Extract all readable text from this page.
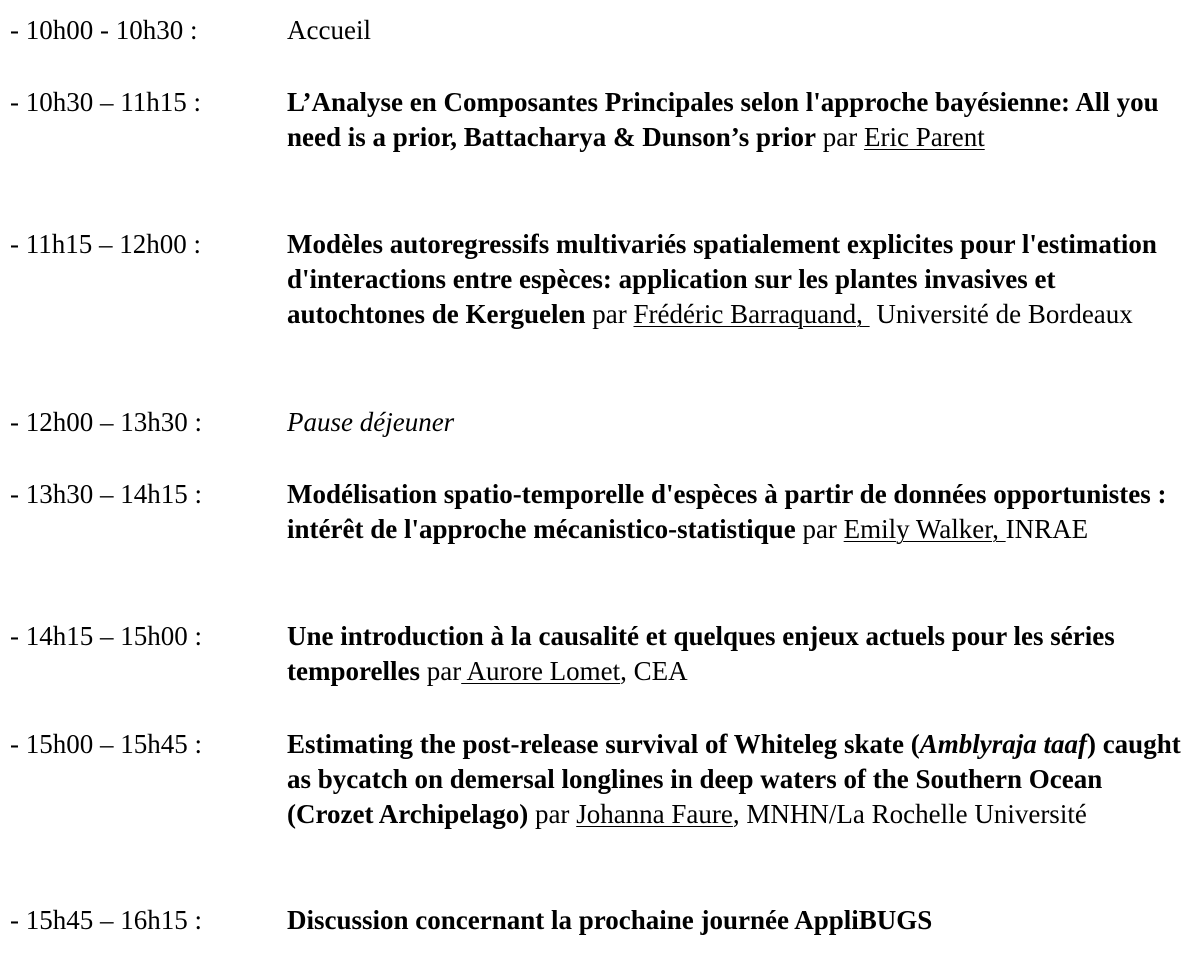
- 10h00 - 10h30 :	Accueil
- 10h30 – 11h15 :	L’Analyse en Composantes Principales selon l'approche bayésienne: All you need is a prior, Battacharya & Dunson’s prior par Eric Parent
- 11h15 – 12h00 :	Modèles autoregressifs multivariés spatialement explicites pour l'estimation d'interactions entre espèces: application sur les plantes invasives et autochtones de Kerguelen par Frédéric Barraquand,  Université de Bordeaux
- 12h00 – 13h30 :	Pause déjeuner
- 13h30 – 14h15 :	Modélisation spatio-temporelle d'espèces à partir de données opportunistes : intérêt de l'approche mécanistico-statistique par Emily Walker, INRAE
- 14h15 – 15h00 :	Une introduction à la causalité et quelques enjeux actuels pour les séries temporelles par Aurore Lomet, CEA
- 15h00 – 15h45 :	Estimating the post-release survival of Whiteleg skate (Amblyraja taaf) caught as bycatch on demersal longlines in deep waters of the Southern Ocean (Crozet Archipelago) par Johanna Faure, MNHN/La Rochelle Université
- 15h45 – 16h15 :	Discussion concernant la prochaine journée AppliBUGS
